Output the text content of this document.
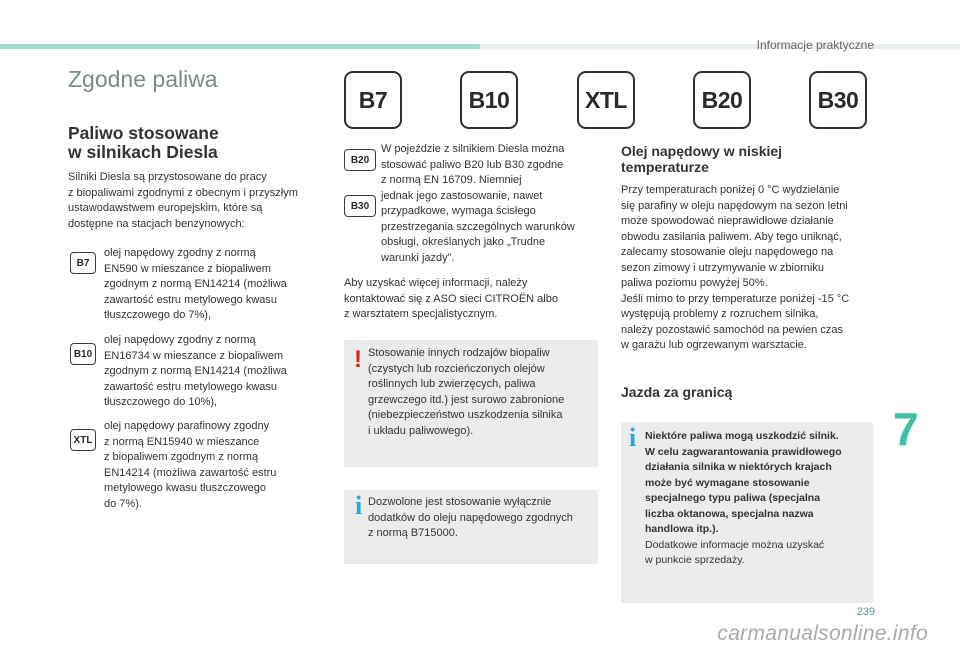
Informacje praktyczne
Zgodne paliwa
B7	B10	XTL	B20	B30
Paliwo stosowane
w silnikach Diesla
Silniki Diesla są przystosowane do pracy
z biopaliwami zgodnymi z obecnym i przyszłym
ustawodawstwem europejskim, które są
dostępne na stacjach benzynowych:
B7
olej napędowy zgodny z normą
EN590 w mieszance z biopaliwem
zgodnym z normą EN14214 (możliwa
zawartość estru metylowego kwasu
tłuszczowego do 7%),
B10
olej napędowy zgodny z normą
EN16734 w mieszance z biopaliwem
zgodnym z normą EN14214 (możliwa
zawartość estru metylowego kwasu
tłuszczowego do 10%),
XTL
olej napędowy parafinowy zgodny
z normą EN15940 w mieszance
z biopaliwem zgodnym z normą
EN14214 (możliwa zawartość estru
metylowego kwasu tłuszczowego
do 7%).
B20
B30
W pojeździe z silnikiem Diesla można
stosować paliwo B20 lub B30 zgodne
z normą EN 16709. Niemniej
jednak jego zastosowanie, nawet
przypadkowe, wymaga ścisłego
przestrzegania szczególnych warunków
obsługi, określanych jako „Trudne
warunki jazdy”.
Aby uzyskać więcej informacji, należy
kontaktować się z ASO sieci CITROËN albo
z warsztatem specjalistycznym.
! Stosowanie innych rodzajów biopaliw
(czystych lub rozcieńczonych olejów
roślinnych lub zwierzęcych, paliwa
grzewczego itd.) jest surowo zabronione
(niebezpieczeństwo uszkodzenia silnika
i układu paliwowego).
i Dozwolone jest stosowanie wyłącznie
dodatków do oleju napędowego zgodnych
z normą B715000.
Olej napędowy w niskiej
temperaturze
Przy temperaturach poniżej 0 °C wydzielanie
się parafiny w oleju napędowym na sezon letni
może spowodować nieprawidłowe działanie
obwodu zasilania paliwem. Aby tego uniknąć,
zalecamy stosowanie oleju napędowego na
sezon zimowy i utrzymywanie w zbiorniku
paliwa poziomu powyżej 50%.
Jeśli mimo to przy temperaturze poniżej -15 °C
występują problemy z rozruchem silnika,
należy pozostawić samochód na pewien czas
w garażu lub ogrzewanym warsztacie.
Jazda za granicą
i Niektóre paliwa mogą uszkodzić silnik.
W celu zagwarantowania prawidłowego
działania silnika w niektórych krajach
może być wymagane stosowanie
specjalnego typu paliwa (specjalna
liczba oktanowa, specjalna nazwa
handlowa itp.).
Dodatkowe informacje można uzyskać
w punkcie sprzedaży.
7
239
carmanualsonline.info
